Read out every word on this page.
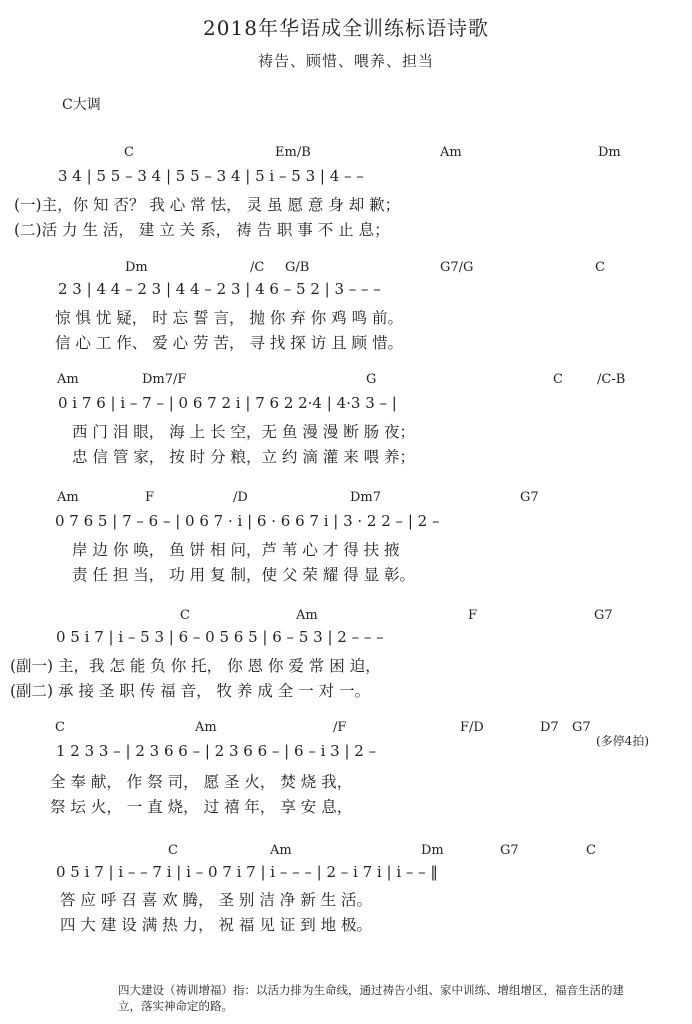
2018年华语成全训练标语诗歌
祷告、顾惜、喂养、担当
C大调
C	Em/B	Am	Dm
3 4 | 5 5 – 3 4 | 5 5 – 3 4 | 5 i – 5 3 | 4 – –
(一)主，你 知 否？ 我 心 常 怯， 灵 虽 愿 意 身 却 歉；
(二)活 力 生 活， 建 立 关 系， 祷 告 职 事 不 止 息；
Dm	/C G/B	G7/G	C
2 3 | 4 4 – 2 3 | 4 4 – 2 3 | 4 6 – 5 2 | 3 – – –
惊 惧 忧 疑， 时 忘 誓 言， 抛 你 弃 你 鸡 鸣 前。
信 心 工 作、 爱 心 劳 苦， 寻 找 探 访 且 顾 惜。
Am	Dm7/F	G	C	/C-B
0 i 7 6 | i – 7 – | 0 6 7 2 i | 7 6 2 2·4 | 4·3 3 – |
西 门 泪 眼， 海 上 长 空，无 鱼 漫 漫 断 肠 夜；
忠 信 管 家， 按 时 分 粮，立 约 滴 灌 来 喂 养；
Am	F	/D	Dm7	G7
0 7 6 5 | 7 – 6 – | 0 6 7 · i | 6 · 6 6 7 i | 3 · 2 2 – | 2 –
岸 边 你 唤， 鱼 饼 相 问，芦 苇 心 才 得 扶 掖
责 任 担 当， 功 用 复 制，使 父 荣 耀 得 显 彰。
C	Am	F	G7
0 5 i 7 | i – 5 3 | 6 – 0 5 6 5 | 6 – 5 3 | 2 – – –
(副一) 主，我 怎 能 负 你 托， 你 恩 你 爱 常 困 迫，
(副二) 承 接 圣 职 传 福 音， 牧 养 成 全 一 对 一。
C	Am	/F	F/D	D7 G7
1 2 3 3 – | 2 3 6 6 – | 2 3 6 6 – | 6 – i 3 | 2 –
(多停4拍)
全 奉 献， 作 祭 司， 愿 圣 火， 焚 烧 我，
祭 坛 火， 一 直 烧， 过 禧 年， 享 安 息，
C	Am	Dm	G7	C
0 5 i 7 | i – – 7 i | i – 0 7 i 7 | i – – – | 2 – i 7 i | i – – ‖
答 应 呼 召 喜 欢 腾， 圣 别 洁 净 新 生 活。
四 大 建 设 满 热 力， 祝 福 见 证 到 地 极。
四大建设（祷训增福）指：以活力排为生命线，通过祷告小组、家中训练、增组增区，福音生活的建立，落实神命定的路。
